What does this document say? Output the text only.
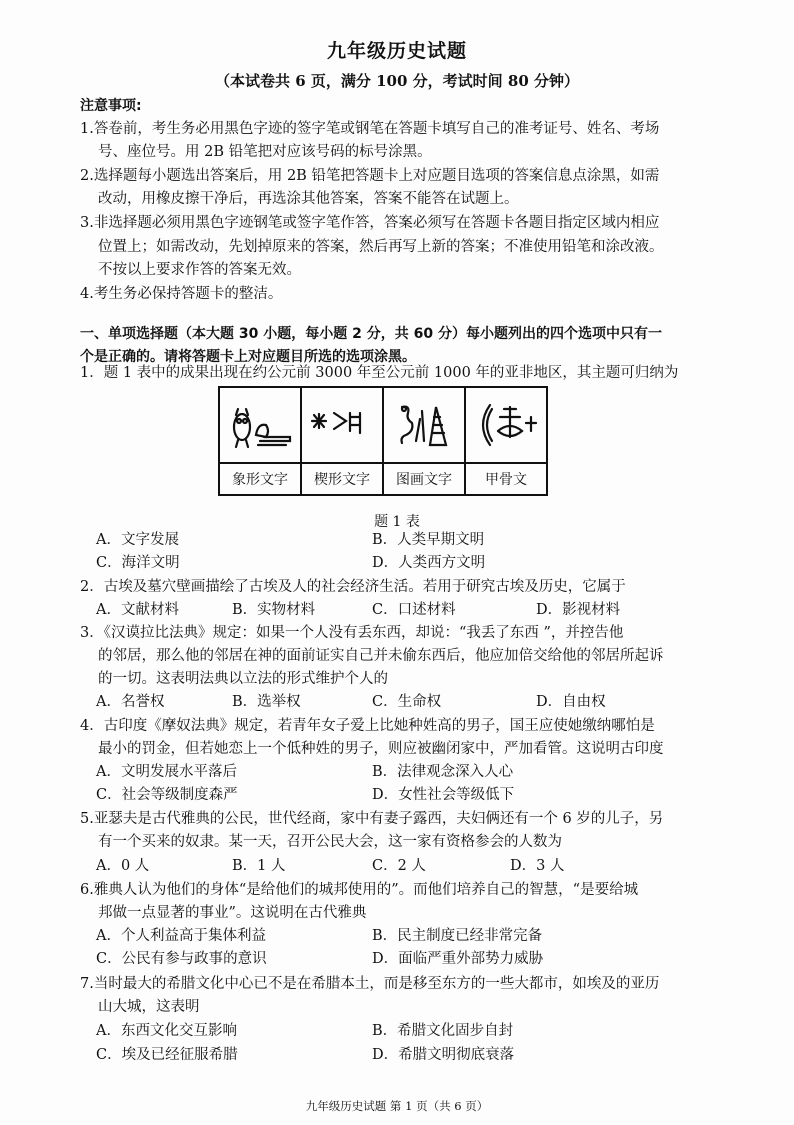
九年级历史试题
（本试卷共 6 页，满分 100 分，考试时间 80 分钟）
注意事项:
1.答卷前，考生务必用黑色字迹的签字笔或钢笔在答题卡填写自己的准考证号、姓名、考场
号、座位号。用 2B 铅笔把对应该号码的标号涂黑。
2.选择题每小题选出答案后，用 2B 铅笔把答题卡上对应题目选项的答案信息点涂黑，如需
改动，用橡皮擦干净后，再选涂其他答案，答案不能答在试题上。
3.非选择题必须用黑色字迹钢笔或签字笔作答，答案必须写在答题卡各题目指定区域内相应
位置上；如需改动，先划掉原来的答案，然后再写上新的答案；不准使用铅笔和涂改液。
不按以上要求作答的答案无效。
4.考生务必保持答题卡的整洁。
一、单项选择题（本大题 30 小题，每小题 2 分，共 60 分）每小题列出的四个选项中只有一
个是正确的。请将答题卡上对应题目所选的选项涂黑。
1．题 1 表中的成果出现在约公元前 3000 年至公元前 1000 年的亚非地区，其主题可归纳为

象形文字	楔形文字	图画文字	甲骨文
题 1 表
A．文字发展	B．人类早期文明
C．海洋文明	D．人类西方文明
2．古埃及墓穴壁画描绘了古埃及人的社会经济生活。若用于研究古埃及历史，它属于
A．文献材料	B．实物材料	C．口述材料	D．影视材料
3．《汉谟拉比法典》规定：如果一个人没有丢东西，却说：“我丢了东西 ”，并控告他
的邻居，那么他的邻居在神的面前证实自己并未偷东西后，他应加倍交给他的邻居所起诉
的一切。这表明法典以立法的形式维护个人的
A．名誉权	B．选举权	C．生命权	D．自由权
4．古印度《摩奴法典》规定，若青年女子爱上比她种姓高的男子，国王应使她缴纳哪怕是
最小的罚金，但若她恋上一个低种姓的男子，则应被幽闭家中，严加看管。这说明古印度
A．文明发展水平落后	B．法律观念深入人心
C．社会等级制度森严	D．女性社会等级低下
5.亚瑟夫是古代雅典的公民，世代经商，家中有妻子露西，夫妇俩还有一个 6 岁的儿子，另
有一个买来的奴隶。某一天，召开公民大会，这一家有资格参会的人数为
A．0 人	B．1 人	C．2 人	D．3 人
6.雅典人认为他们的身体“是给他们的城邦使用的”。而他们培养自己的智慧，“是要给城
邦做一点显著的事业”。这说明在古代雅典
A．个人利益高于集体利益	B．民主制度已经非常完备
C．公民有参与政事的意识	D．面临严重外部势力威胁
7.当时最大的希腊文化中心已不是在希腊本土，而是移至东方的一些大都市，如埃及的亚历
山大城，这表明
A．东西文化交互影响	B．希腊文化固步自封
C．埃及已经征服希腊	D．希腊文明彻底衰落
九年级历史试题 第 1 页（共 6 页）
